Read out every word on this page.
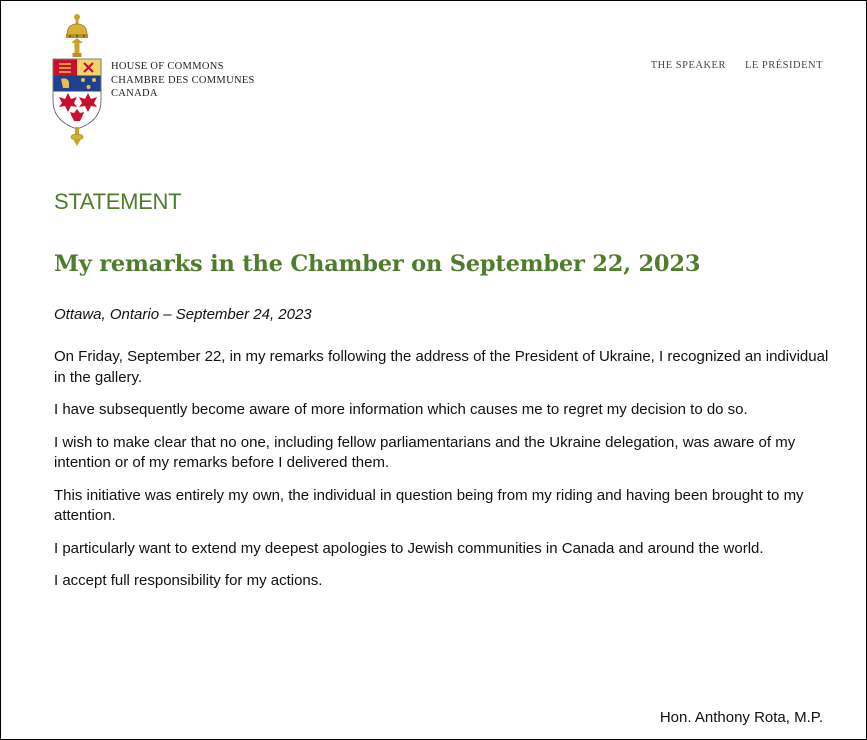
HOUSE OF COMMONS
CHAMBRE DES COMMUNES
CANADA
THE SPEAKER LE PRÉSIDENT
STATEMENT
My remarks in the Chamber on September 22, 2023
Ottawa, Ontario – September 24, 2023

On Friday, September 22, in my remarks following the address of the President of Ukraine, I recognized an individual in the gallery.

I have subsequently become aware of more information which causes me to regret my decision to do so.

I wish to make clear that no one, including fellow parliamentarians and the Ukraine delegation, was aware of my intention or of my remarks before I delivered them.

This initiative was entirely my own, the individual in question being from my riding and having been brought to my attention.

I particularly want to extend my deepest apologies to Jewish communities in Canada and around the world.

I accept full responsibility for my actions.

Hon. Anthony Rota, M.P.
